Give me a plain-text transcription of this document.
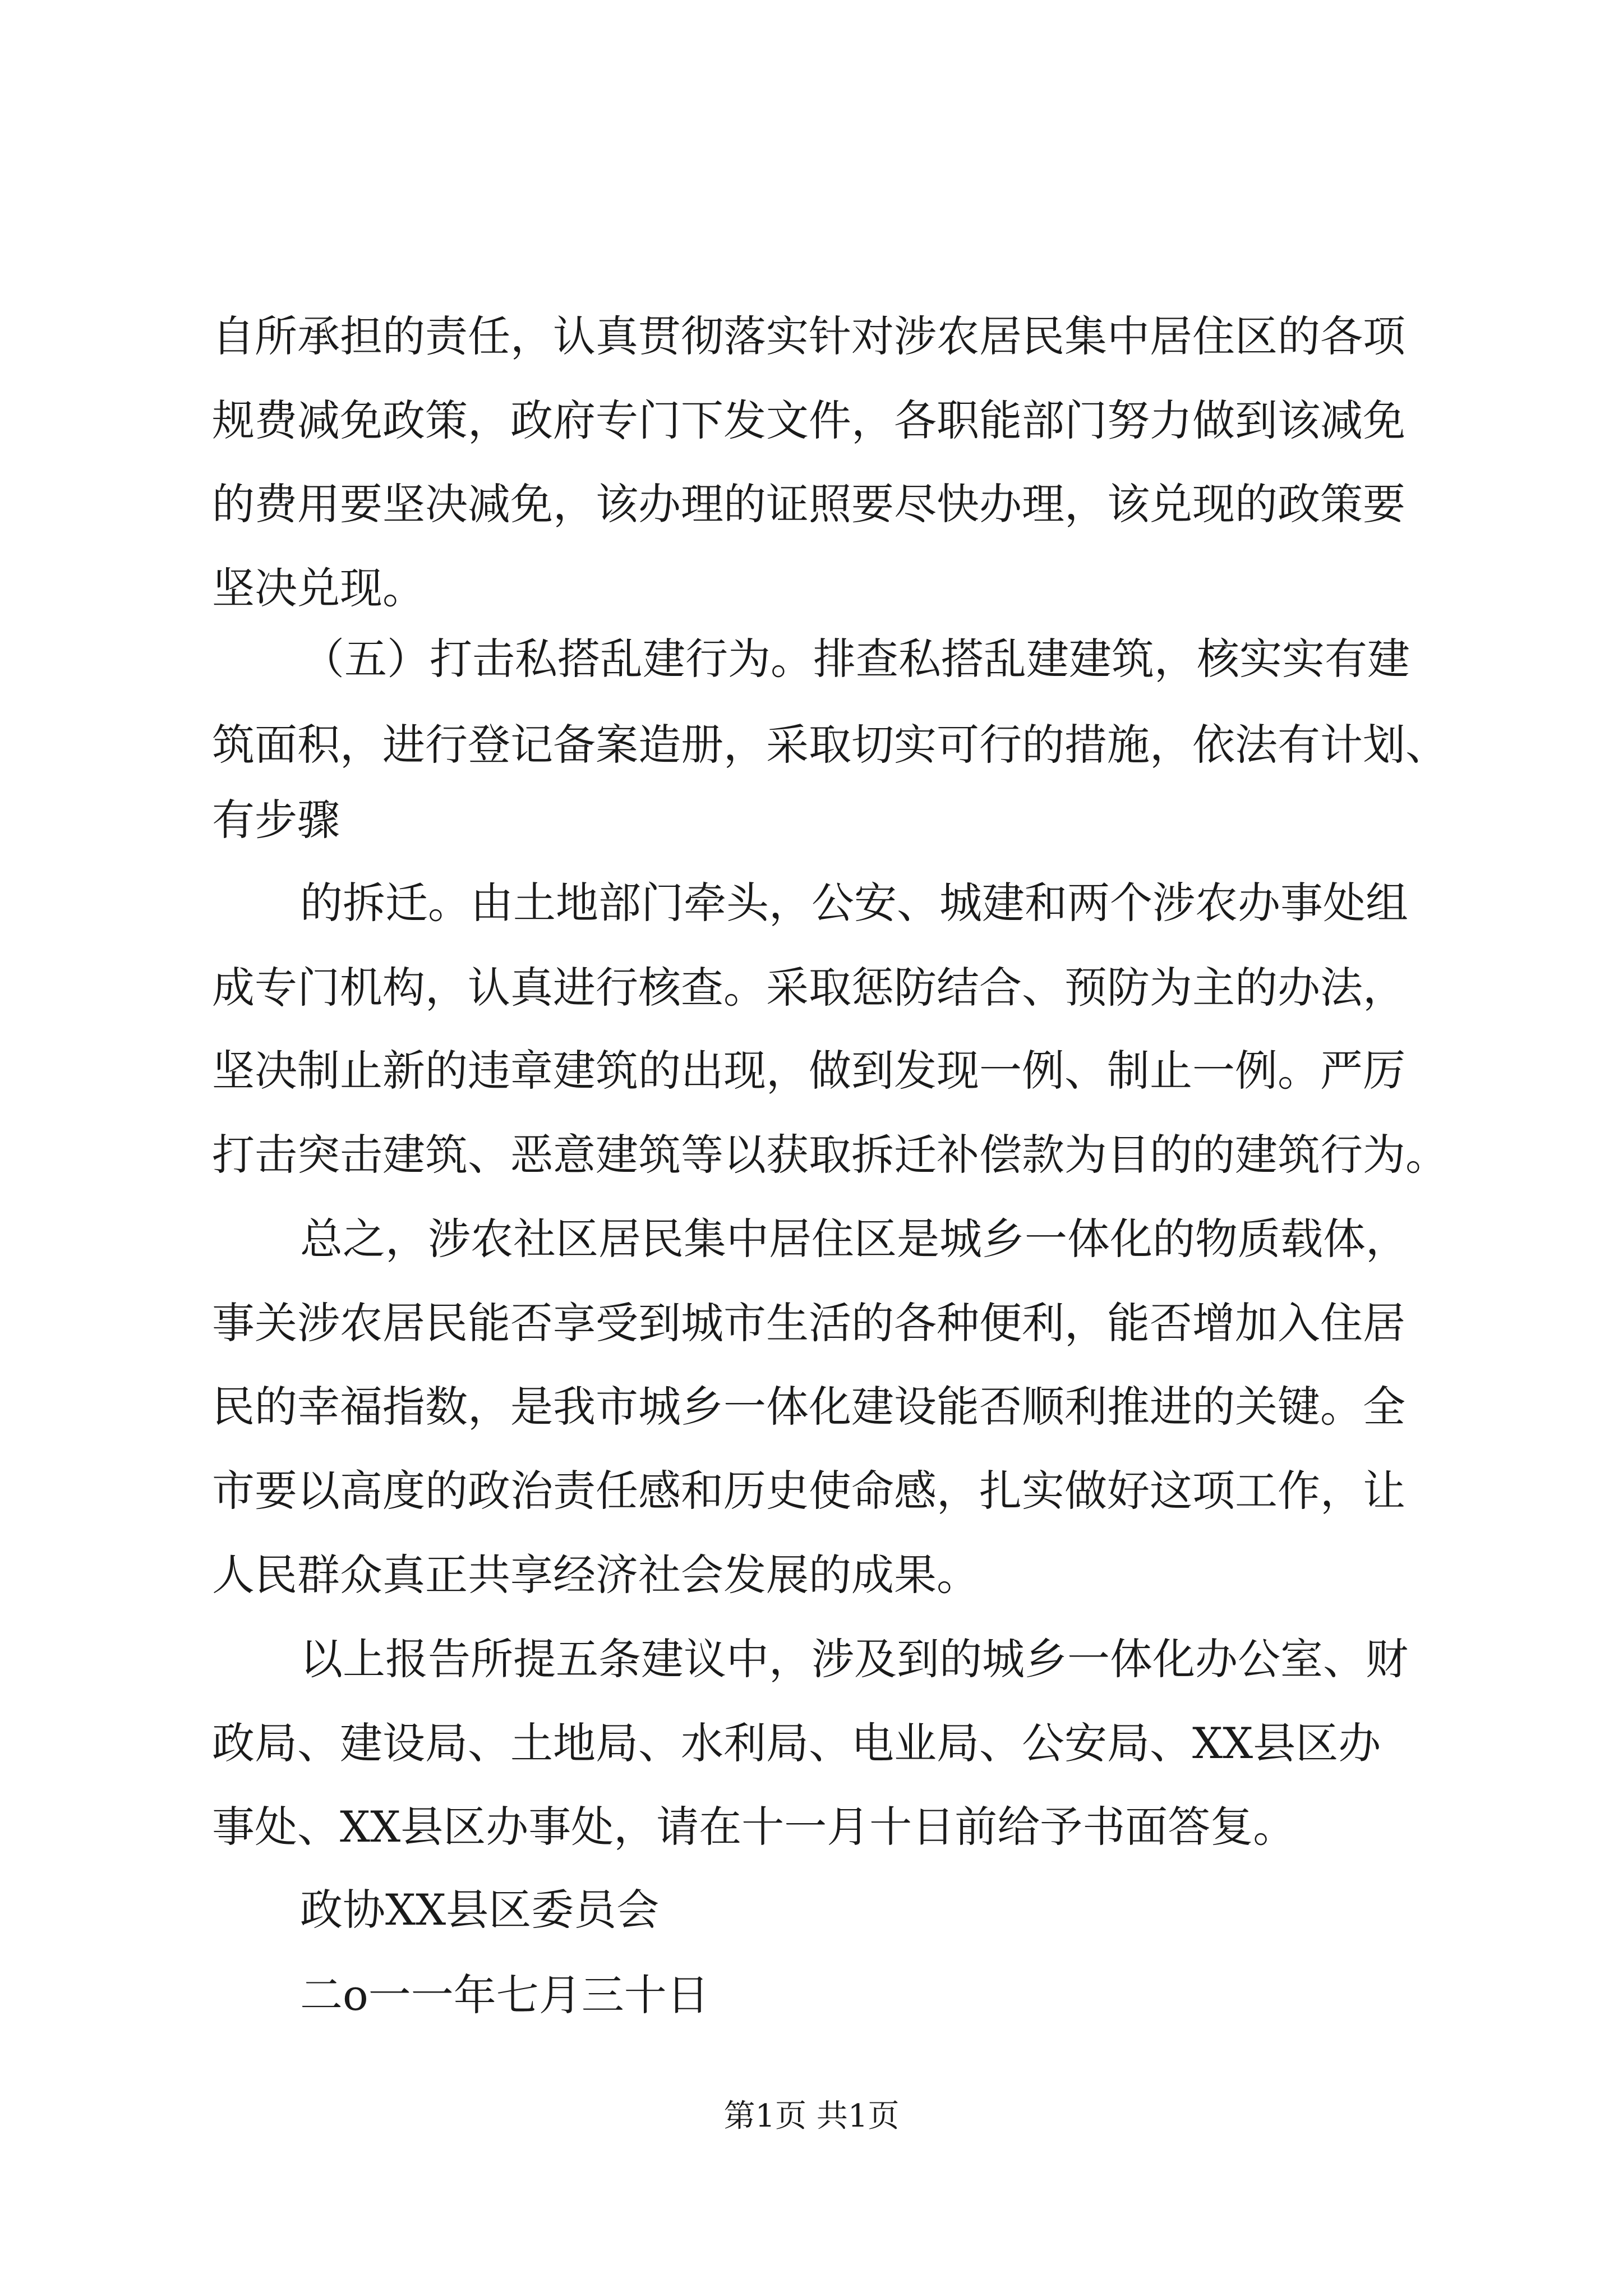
自所承担的责任，认真贯彻落实针对涉农居民集中居住区的各项
规费减免政策，政府专门下发文件，各职能部门努力做到该减免
的费用要坚决减免，该办理的证照要尽快办理，该兑现的政策要
坚决兑现。
（五）打击私搭乱建行为。排查私搭乱建建筑，核实实有建
筑面积，进行登记备案造册，采取切实可行的措施，依法有计划、
有步骤
的拆迁。由土地部门牵头，公安、城建和两个涉农办事处组
成专门机构，认真进行核查。采取惩防结合、预防为主的办法，
坚决制止新的违章建筑的出现，做到发现一例、制止一例。严厉
打击突击建筑、恶意建筑等以获取拆迁补偿款为目的的建筑行为。
总之，涉农社区居民集中居住区是城乡一体化的物质载体，
事关涉农居民能否享受到城市生活的各种便利，能否增加入住居
民的幸福指数，是我市城乡一体化建设能否顺利推进的关键。全
市要以高度的政治责任感和历史使命感，扎实做好这项工作，让
人民群众真正共享经济社会发展的成果。
以上报告所提五条建议中，涉及到的城乡一体化办公室、财
政局、建设局、土地局、水利局、电业局、公安局、XX县区办
事处、XX县区办事处，请在十一月十日前给予书面答复。
政协XX县区委员会
二o一一年七月三十日
第1页 共1页
